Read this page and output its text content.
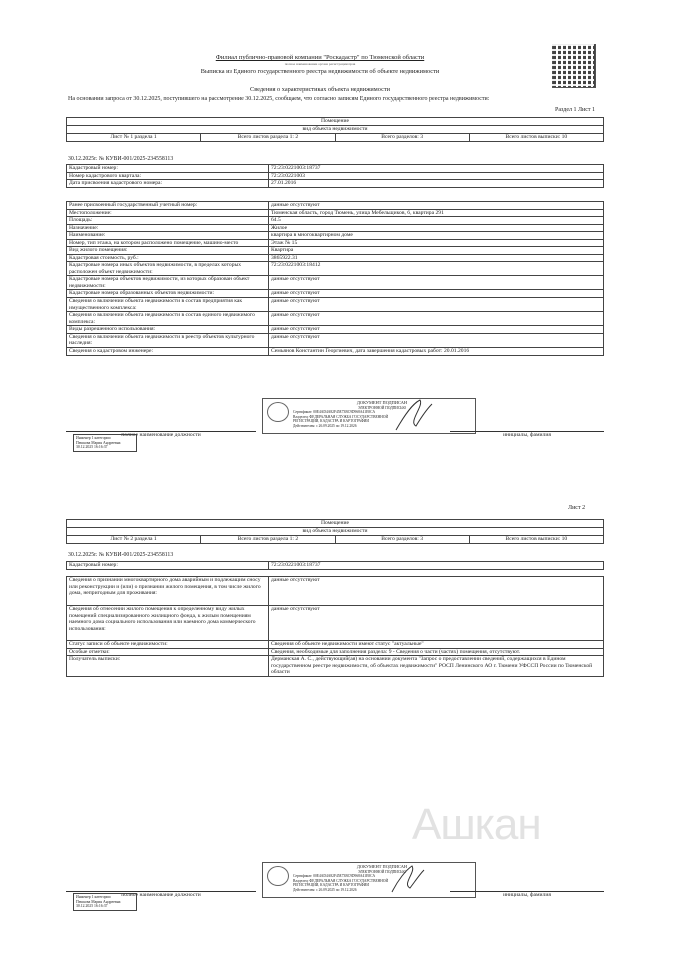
Филиал публично-правовой компании "Роскадастр" по Тюменской области
полное наименование органа регистрации прав
Выписка из Единого государственного реестра недвижимости об объекте недвижимости
Сведения о характеристиках объекта недвижимости
На основании запроса от 30.12.2025, поступившего на рассмотрение 30.12.2025, сообщаем, что согласно записям Единого государственного реестра недвижимости:
Раздел 1 Лист 1
Помещение
вид объекта недвижимости
Лист № 1 раздела 1	Всего листов раздела 1: 2	Всего разделов: 3	Всего листов выписки: 10
30.12.2025г. № КУВИ-001/2025-234558113
Кадастровый номер:	72:23:0221003:18737
Номер кадастрового квартала:	72:23:0221003
Дата присвоения кадастрового номера:	27.01.2016
Ранее присвоенный государственный учетный номер:	данные отсутствуют
Местоположение:	Тюменская область, город Тюмень, улица Мебельщиков, 6, квартира 291
Площадь:	64.5
Назначение:	Жилое
Наименование:	квартира в многоквартирном доме
Номер, тип этажа, на котором расположено помещение, машино-место	Этаж № 15
Вид жилого помещения:	Квартира
Кадастровая стоимость, руб.:	3865922.31
Кадастровые номера иных объектов недвижимости, в пределах которых расположен объект недвижимости:	72:23:0221003:18412
Кадастровые номера объектов недвижимости, из которых образован объект недвижимости:	данные отсутствуют
Кадастровые номера образованных объектов недвижимости:	данные отсутствуют
Сведения о включении объекта недвижимости в состав предприятия как имущественного комплекса:	данные отсутствуют
Сведения о включении объекта недвижимости в состав единого недвижимого комплекса:	данные отсутствуют
Виды разрешенного использования:	данные отсутствуют
Сведения о включении объекта недвижимости в реестр объектов культурного наследия:	данные отсутствуют
Сведения о кадастровом инженере:	Семьянов Константин Георгиевич, дата завершения кадастровых работ: 20.01.2016
ДОКУМЕНТ ПОДПИСАН
ЭЛЕКТРОННОЙ ПОДПИСЬЮ
Сертификат: 00E4AD4A82F45E73BC9D968A41E8CA
Владелец: ФЕДЕРАЛЬНАЯ СЛУЖБА ГОСУДАРСТВЕННОЙ
РЕГИСТРАЦИИ, КАДАСТРА И КАРТОГРАФИИ
Действителен: с 26.09.2025 по 19.12.2026
полное наименование должности	инициалы, фамилия
Инженер 1 категории
Пешкова Мария Андреевна
30.12.2025 16:16:37
Лист 2
Помещение
вид объекта недвижимости
Лист № 2 раздела 1	Всего листов раздела 1: 2	Всего разделов: 3	Всего листов выписки: 10
30.12.2025г. № КУВИ-001/2025-234558113
Кадастровый номер:	72:23:0221003:18737
Сведения о признании многоквартирного дома аварийным и подлежащим сносу или реконструкции и (или) о признании жилого помещения, в том числе жилого дома, непригодным для проживания:	данные отсутствуют
Сведения об отнесении жилого помещения к определенному виду жилых помещений специализированного жилищного фонда, к жилым помещениям наемного дома социального использования или наемного дома коммерческого использования:	данные отсутствуют
Статус записи об объекте недвижимости:	Сведения об объекте недвижимости имеют статус "актуальные"
Особые отметки:	Сведения, необходимые для заполнения раздела: 9 - Сведения о части (частях) помещения, отсутствуют.
Получатель выписки:	Дерманская А. С., действующий(ая) на основании документа "Запрос о предоставлении сведений, содержащихся в Едином государственном реестре недвижимости, об объектах недвижимости" РОСП Ленинского АО г. Тюмени УФССП России по Тюменской области
Ашкан
ДОКУМЕНТ ПОДПИСАН
ЭЛЕКТРОННОЙ ПОДПИСЬЮ
Сертификат: 00E4AD4A82F45E73BC9D968A41E8CA
Владелец: ФЕДЕРАЛЬНАЯ СЛУЖБА ГОСУДАРСТВЕННОЙ
РЕГИСТРАЦИИ, КАДАСТРА И КАРТОГРАФИИ
Действителен: с 26.09.2025 по 19.12.2026
полное наименование должности	инициалы, фамилия
Инженер 1 категории
Пешкова Мария Андреевна
30.12.2025 16:16:37
